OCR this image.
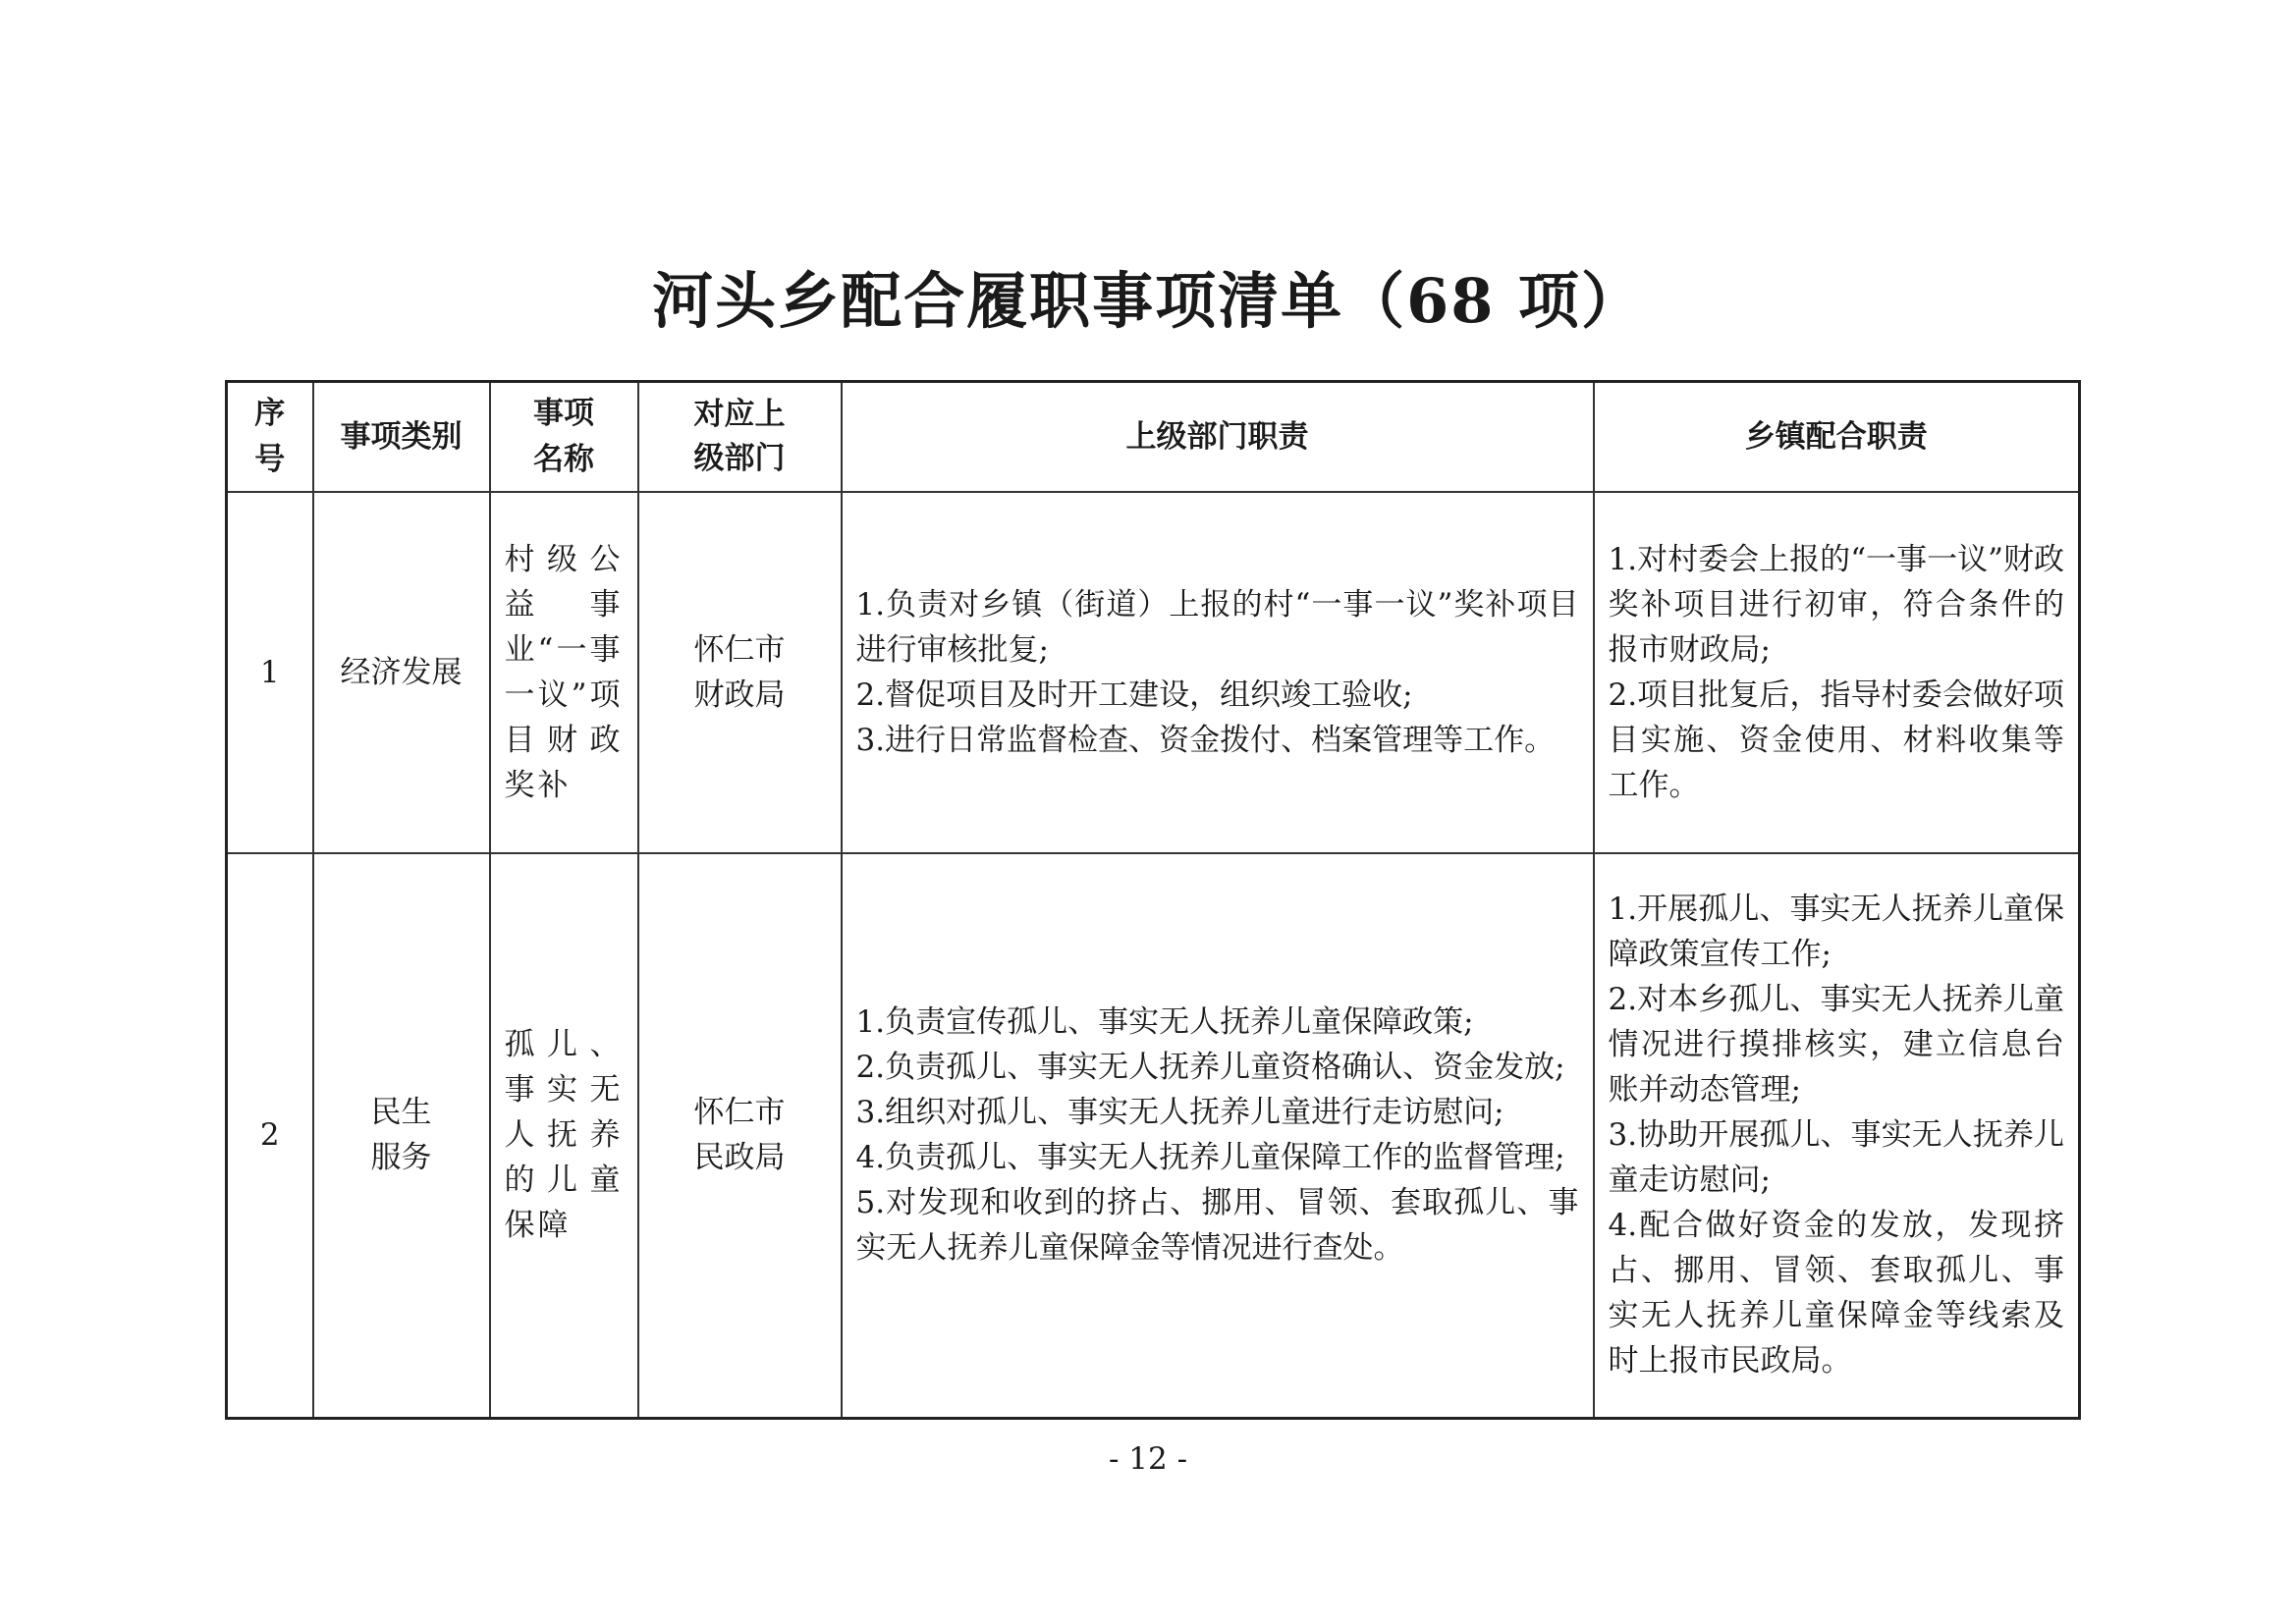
河头乡配合履职事项清单（68 项）
序号	事项类别	事项名称	对应上级部门	上级部门职责	乡镇配合职责
1	经济发展	村级公益事业“一事一议”项目财政奖补	怀仁市财政局	1.负责对乡镇（街道）上报的村“一事一议”奖补项目进行审核批复;
2.督促项目及时开工建设，组织竣工验收;
3.进行日常监督检查、资金拨付、档案管理等工作。	1.对村委会上报的“一事一议”财政奖补项目进行初审，符合条件的报市财政局;
2.项目批复后，指导村委会做好项目实施、资金使用、材料收集等工作。

2	民生服务	孤儿、事实无人抚养的儿童保障	怀仁市民政局	1.负责宣传孤儿、事实无人抚养儿童保障政策;
2.负责孤儿、事实无人抚养儿童资格确认、资金发放;
3.组织对孤儿、事实无人抚养儿童进行走访慰问;
4.负责孤儿、事实无人抚养儿童保障工作的监督管理;
5.对发现和收到的挤占、挪用、冒领、套取孤儿、事实无人抚养儿童保障金等情况进行查处。	1.开展孤儿、事实无人抚养儿童保障政策宣传工作;
2.对本乡孤儿、事实无人抚养儿童情况进行摸排核实，建立信息台账并动态管理;
3.协助开展孤儿、事实无人抚养儿童走访慰问;
4.配合做好资金的发放，发现挤占、挪用、冒领、套取孤儿、事实无人抚养儿童保障金等线索及时上报市民政局。
- 12 -
